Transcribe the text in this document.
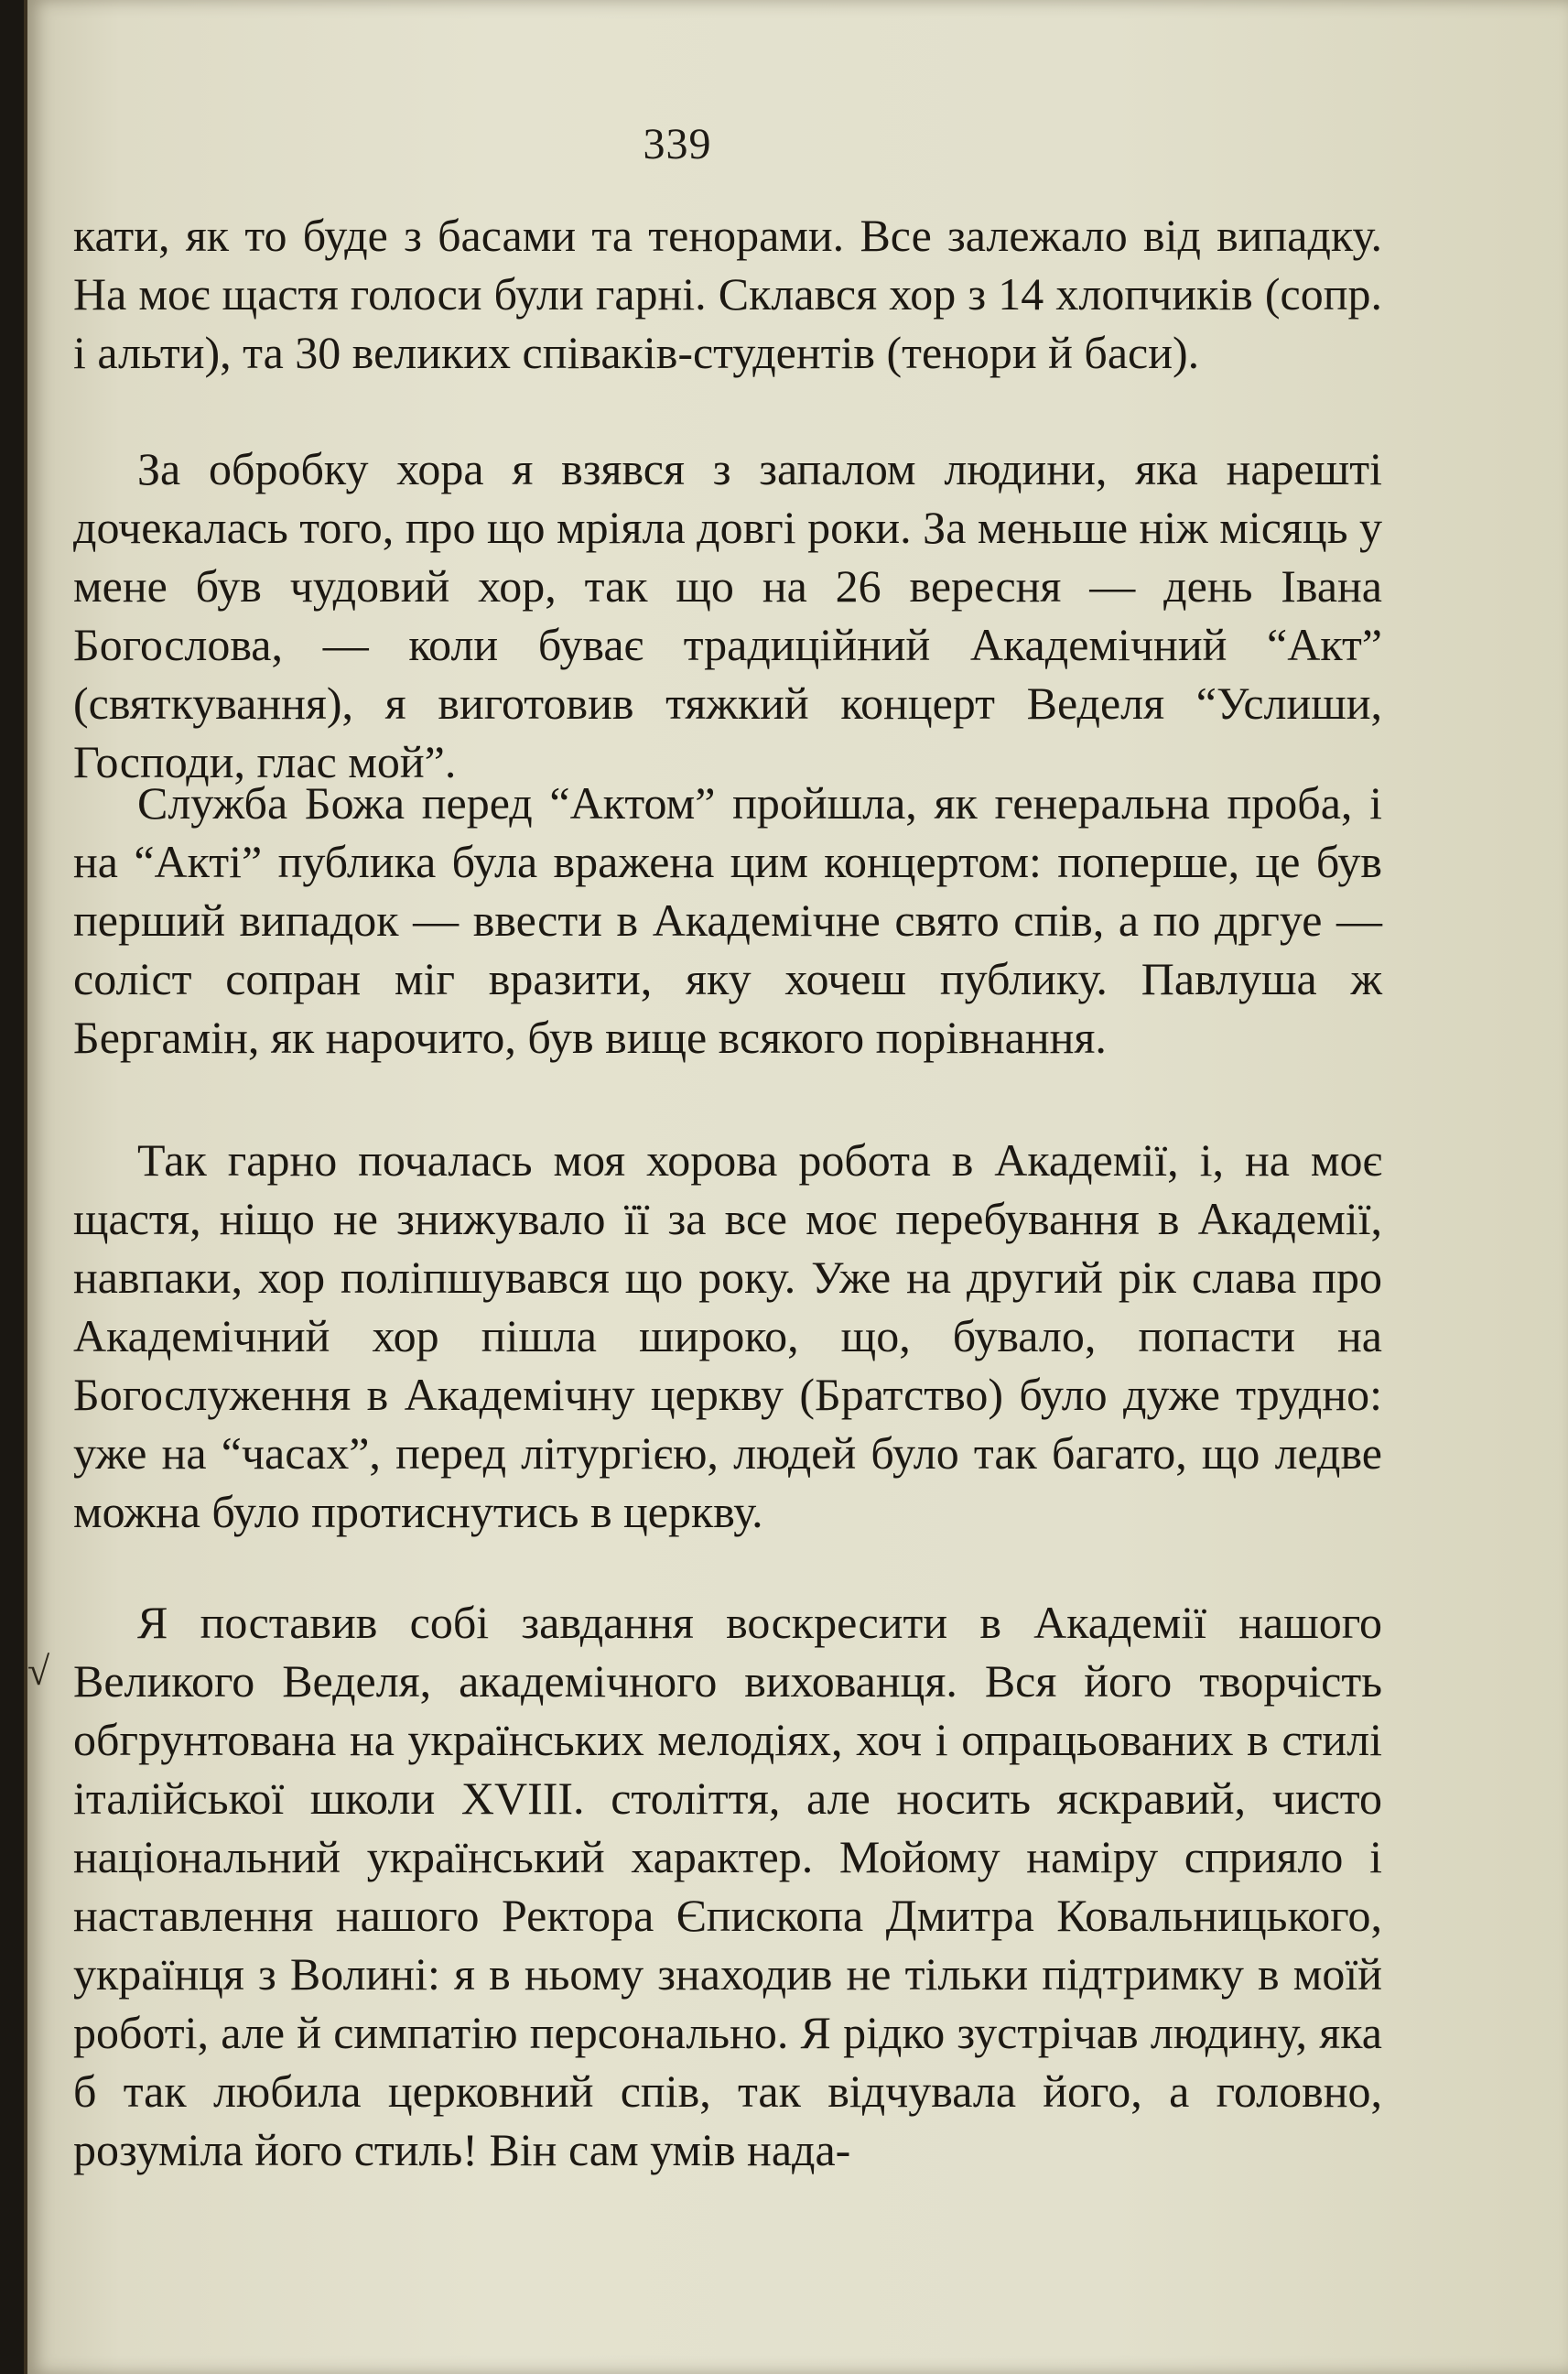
339

кати, як то буде з басами та тенорами. Все залежало від випадку. На моє щастя голоси були гарні. Склався хор з 14 хлопчиків (сопр. і альти), та 30 великих співаків-студентів (тенори й баси).

За обробку хора я взявся з запалом людини, яка нарешті дочекалась того, про що мріяла довгі роки. За меньше ніж місяць у мене був чудовий хор, так що на 26 вересня — день Івана Богослова, — коли буває традиційний Академічний “Акт” (святкування), я виготовив тяжкий концерт Веделя “Услиши, Господи, глас мой”.

Служба Божа перед “Актом” пройшла, як генеральна проба, і на “Акті” публика була вражена цим концертом: поперше, це був перший випадок — ввести в Академічне свято спів, а по дргуе — соліст сопран міг вразити, яку хочеш публику. Павлуша ж Бергамін, як нарочито, був вище всякого порівнання.

Так гарно почалась моя хорова робота в Академії, і, на моє щастя, ніщо не знижувало її за все моє перебування в Академії, навпаки, хор поліпшувався що року. Уже на другий рік слава про Академічний хор пішла широко, що, бувало, попасти на Богослуження в Академічну церкву (Братство) було дуже трудно: уже на “часах”, перед літургією, людей було так багато, що ледве можна було протиснутись в церкву.

Я поставив собі завдання воскресити в Академії нашого Великого Веделя, академічного вихованця. Вся його творчість обгрунтована на українських мелодіях, хоч і опрацьованих в стилі італійської школи XVIII. століття, але носить яскравий, чисто національний український характер. Мойому наміру сприяло і наставлення нашого Ректора Єпископа Дмитра Ковальницького, українця з Волині: я в ньому знаходив не тільки підтримку в моїй роботі, але й симпатію персонально. Я рідко зустрічав людину, яка б так любила церковний спів, так відчувала його, а головно, розуміла його стиль! Він сам умів нада-

√
